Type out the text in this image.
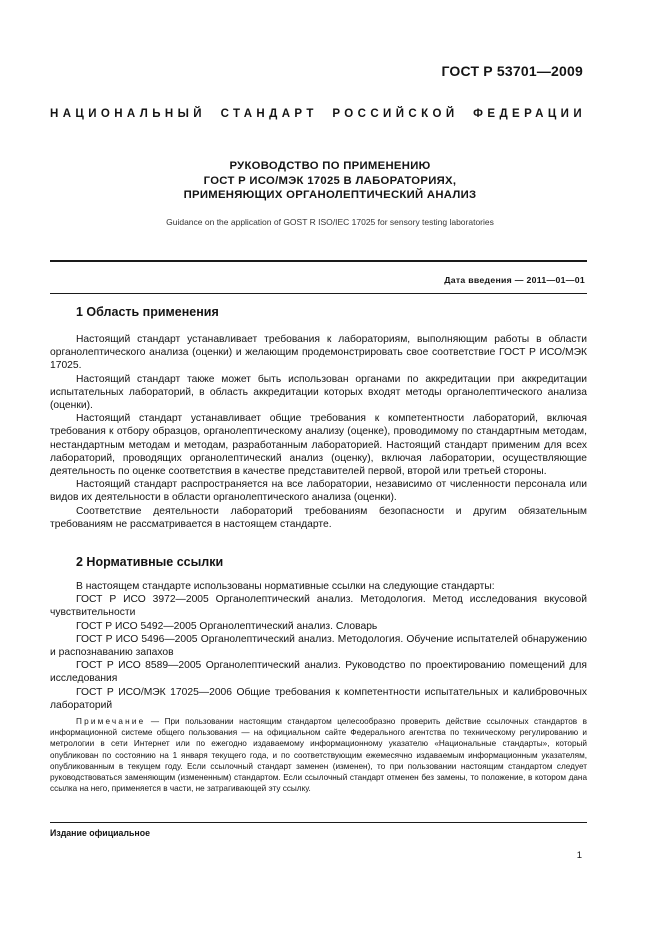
ГОСТ Р 53701—2009
НАЦИОНАЛЬНЫЙ СТАНДАРТ РОССИЙСКОЙ ФЕДЕРАЦИИ
РУКОВОДСТВО ПО ПРИМЕНЕНИЮ
ГОСТ Р ИСО/МЭК 17025 В ЛАБОРАТОРИЯХ,
ПРИМЕНЯЮЩИХ ОРГАНОЛЕПТИЧЕСКИЙ АНАЛИЗ
Guidance on the application of GOST R ISO/IEC 17025 for sensory testing laboratories
Дата введения — 2011—01—01
1 Область применения

Настоящий стандарт устанавливает требования к лабораториям, выполняющим работы в области органолептического анализа (оценки) и желающим продемонстрировать свое соответствие ГОСТ Р ИСО/МЭК 17025.

Настоящий стандарт также может быть использован органами по аккредитации при аккредитации испытательных лабораторий, в область аккредитации которых входят методы органолептического анализа (оценки).

Настоящий стандарт устанавливает общие требования к компетентности лабораторий, включая требования к отбору образцов, органолептическому анализу (оценке), проводимому по стандартным методам, нестандартным методам и методам, разработанным лабораторией. Настоящий стандарт применим для всех лабораторий, проводящих органолептический анализ (оценку), включая лаборатории, осуществляющие деятельность по оценке соответствия в качестве представителей первой, второй или третьей стороны.

Настоящий стандарт распространяется на все лаборатории, независимо от численности персонала или видов их деятельности в области органолептического анализа (оценки).

Соответствие деятельности лабораторий требованиям безопасности и другим обязательным требованиям не рассматривается в настоящем стандарте.

2 Нормативные ссылки

В настоящем стандарте использованы нормативные ссылки на следующие стандарты:

ГОСТ Р ИСО 3972—2005 Органолептический анализ. Методология. Метод исследования вкусовой чувствительности

ГОСТ Р ИСО 5492—2005 Органолептический анализ. Словарь

ГОСТ Р ИСО 5496—2005 Органолептический анализ. Методология. Обучение испытателей обнаружению и распознаванию запахов

ГОСТ Р ИСО 8589—2005 Органолептический анализ. Руководство по проектированию помещений для исследования

ГОСТ Р ИСО/МЭК 17025—2006 Общие требования к компетентности испытательных и калибровочных лабораторий

Примечание — При пользовании настоящим стандартом целесообразно проверить действие ссылочных стандартов в информационной системе общего пользования — на официальном сайте Федерального агентства по техническому регулированию и метрологии в сети Интернет или по ежегодно издаваемому информационному указателю «Национальные стандарты», который опубликован по состоянию на 1 января текущего года, и по соответствующим ежемесячно издаваемым информационным указателям, опубликованным в текущем году. Если ссылочный стандарт заменен (изменен), то при пользовании настоящим стандартом следует руководствоваться заменяющим (измененным) стандартом. Если ссылочный стандарт отменен без замены, то положение, в котором дана ссылка на него, применяется в части, не затрагивающей эту ссылку.

Издание официальное
1
